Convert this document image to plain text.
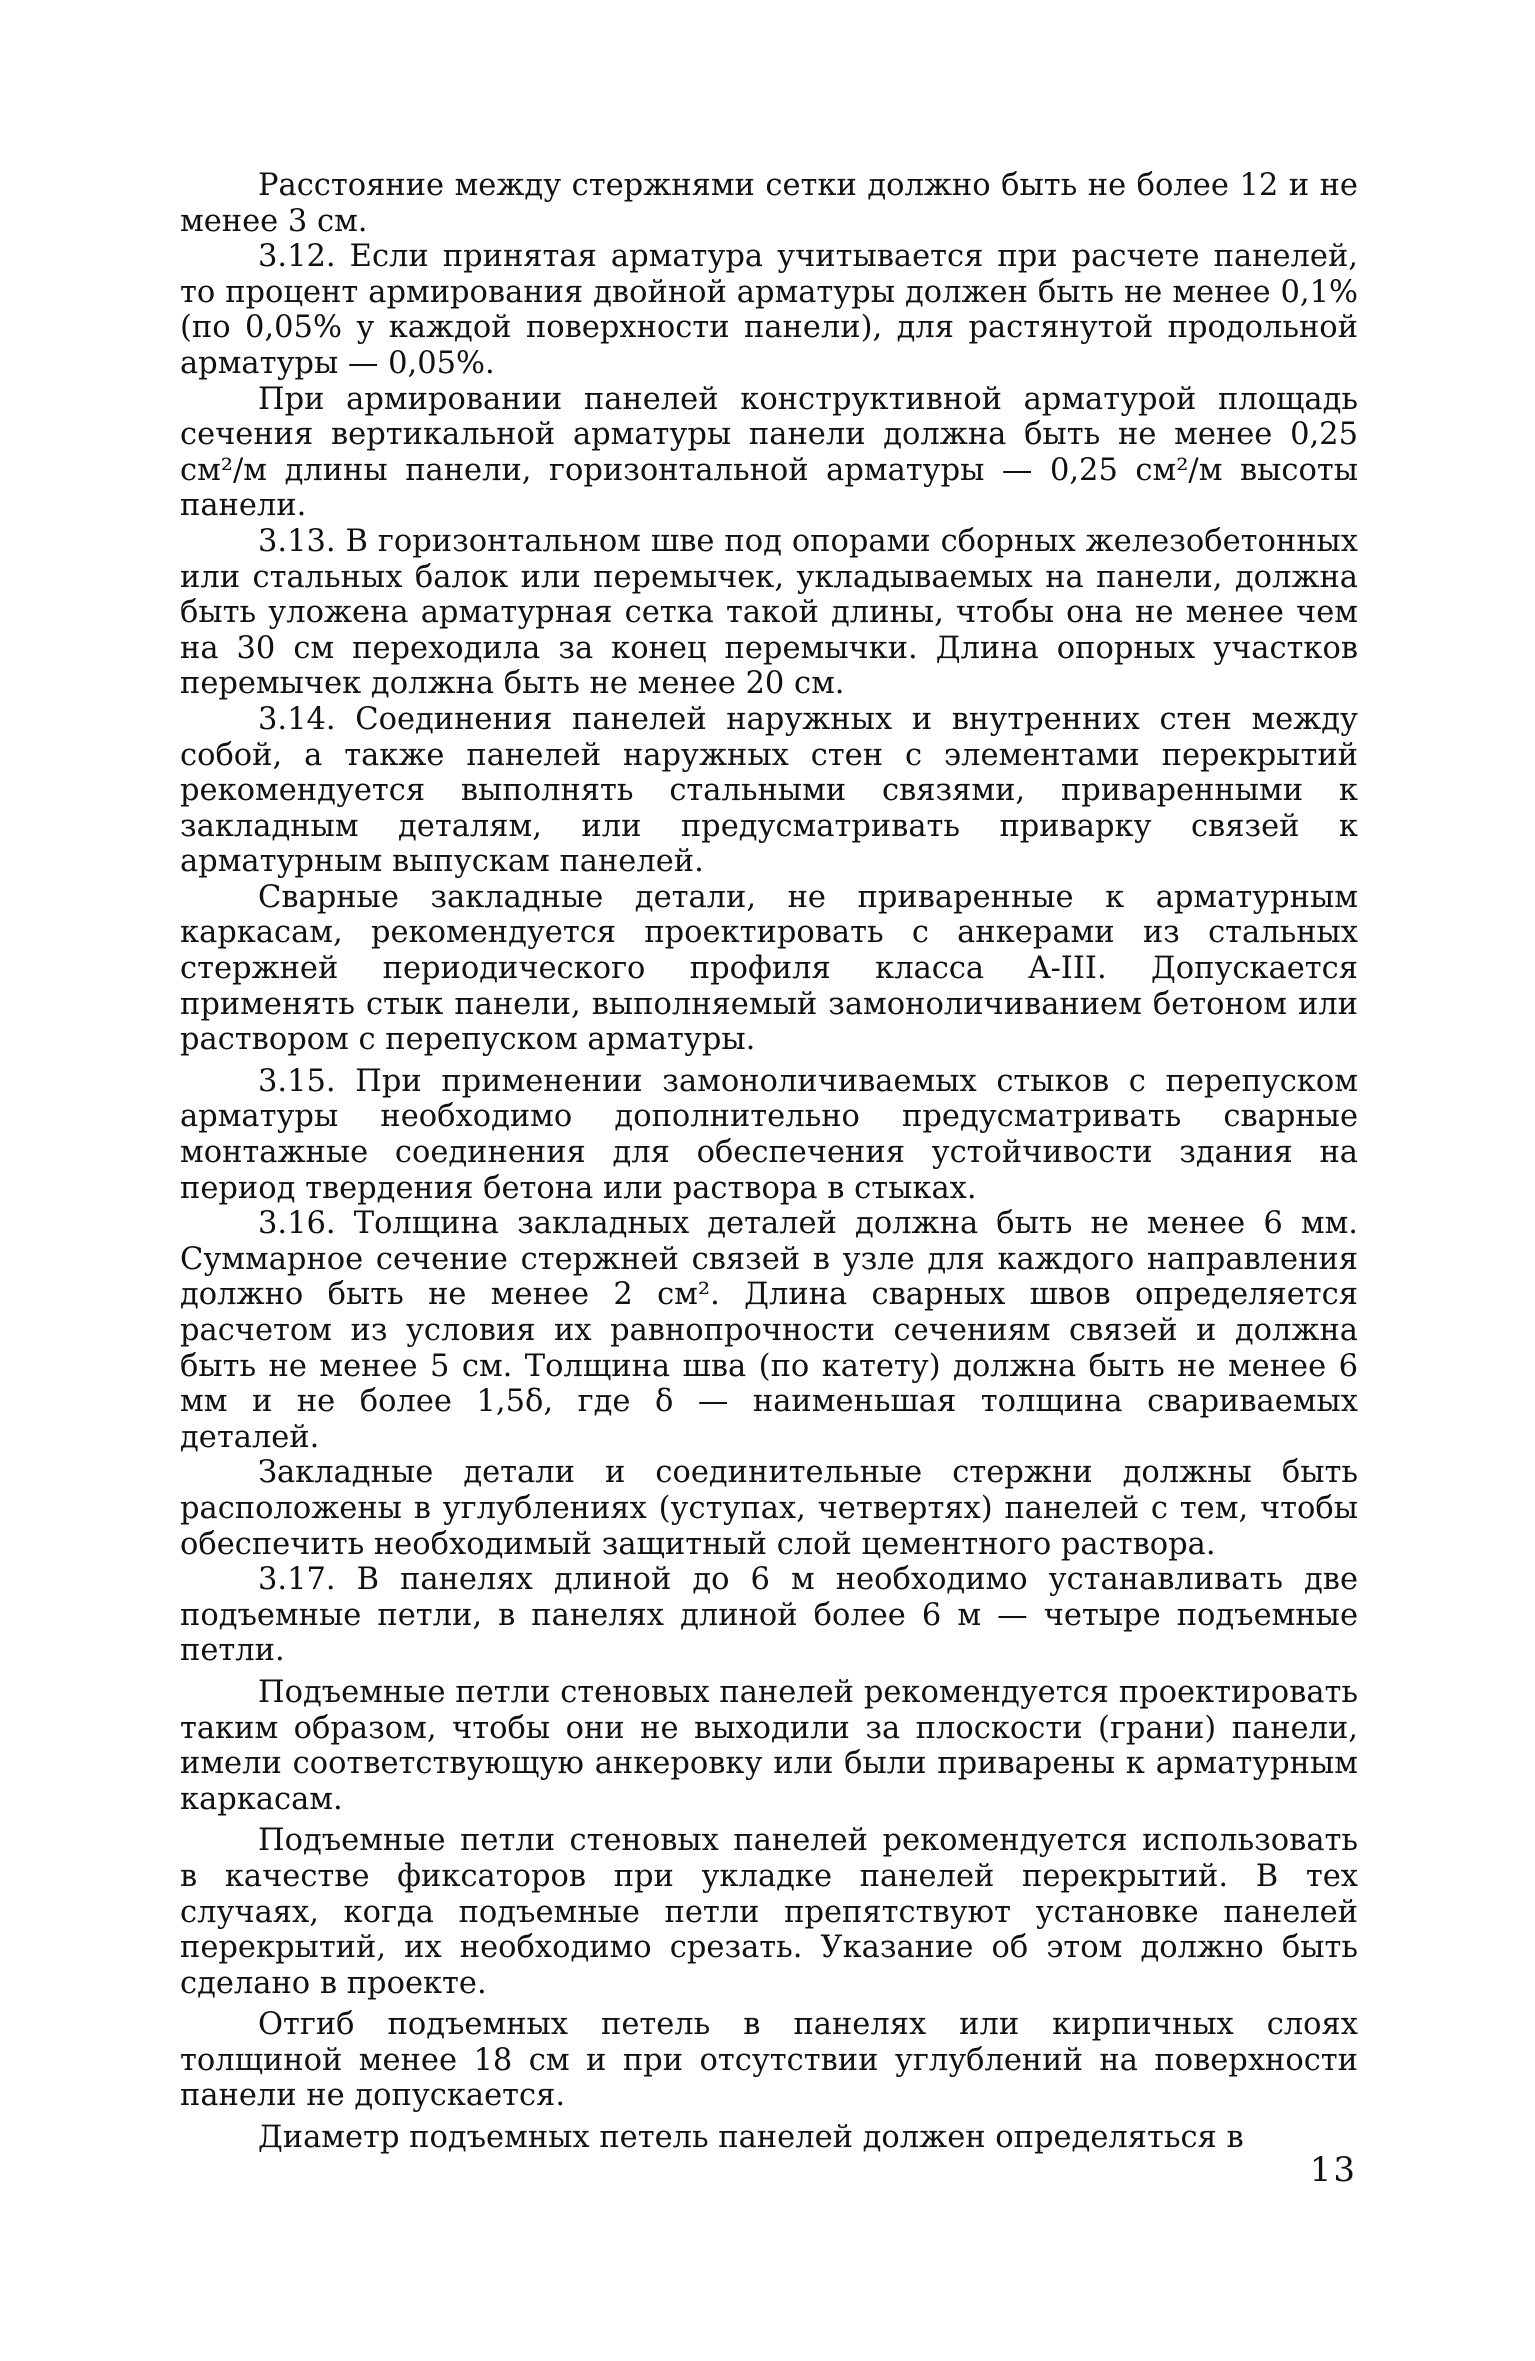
Расстояние между стержнями сетки должно быть не более 12 и не менее 3 см.

3.12. Если принятая арматура учитывается при расчете панелей, то процент армирования двойной арматуры должен быть не менее 0,1% (по 0,05% у каждой поверхности панели), для растянутой продольной арматуры — 0,05%.

При армировании панелей конструктивной арматурой площадь сечения вертикальной арматуры панели должна быть не менее 0,25 см²/м длины панели, горизонтальной арматуры — 0,25 см²/м высоты панели.

3.13. В горизонтальном шве под опорами сборных железобетонных или стальных балок или перемычек, укладываемых на панели, должна быть уложена арматурная сетка такой длины, чтобы она не менее чем на 30 см переходила за конец перемычки. Длина опорных участков перемычек должна быть не менее 20 см.

3.14. Соединения панелей наружных и внутренних стен между собой, а также панелей наружных стен с элементами перекрытий рекомендуется выполнять стальными связями, приваренными к закладным деталям, или предусматривать приварку связей к арматурным выпускам панелей.

Сварные закладные детали, не приваренные к арматурным каркасам, рекомендуется проектировать с анкерами из стальных стержней периодического профиля класса A-III. Допускается применять стык панели, выполняемый замоноличиванием бетоном или раствором с перепуском арматуры.

3.15. При применении замоноличиваемых стыков с перепуском арматуры необходимо дополнительно предусматривать сварные монтажные соединения для обеспечения устойчивости здания на период твердения бетона или раствора в стыках.

3.16. Толщина закладных деталей должна быть не менее 6 мм. Суммарное сечение стержней связей в узле для каждого направления должно быть не менее 2 см². Длина сварных швов определяется расчетом из условия их равнопрочности сечениям связей и должна быть не менее 5 см. Толщина шва (по катету) должна быть не менее 6 мм и не более 1,5δ, где δ — наименьшая толщина свариваемых деталей.

Закладные детали и соединительные стержни должны быть расположены в углублениях (уступах, четвертях) панелей с тем, чтобы обеспечить необходимый защитный слой цементного раствора.

3.17. В панелях длиной до 6 м необходимо устанавливать две подъемные петли, в панелях длиной более 6 м — четыре подъемные петли.

Подъемные петли стеновых панелей рекомендуется проектировать таким образом, чтобы они не выходили за плоскости (грани) панели, имели соответствующую анкеровку или были приварены к арматурным каркасам.

Подъемные петли стеновых панелей рекомендуется использовать в качестве фиксаторов при укладке панелей перекрытий. В тех случаях, когда подъемные петли препятствуют установке панелей перекрытий, их необходимо срезать. Указание об этом должно быть сделано в проекте.

Отгиб подъемных петель в панелях или кирпичных слоях толщиной менее 18 см и при отсутствии углублений на поверхности панели не допускается.

Диаметр подъемных петель панелей должен определяться в

13
